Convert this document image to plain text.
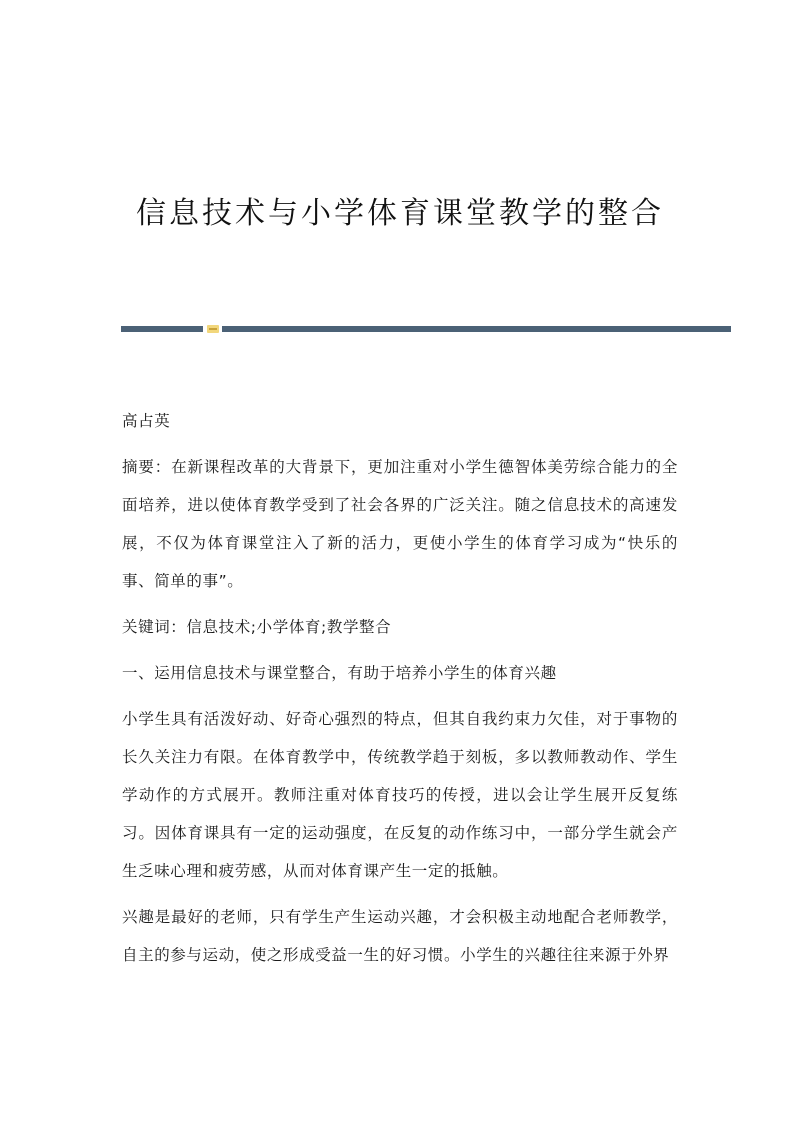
信息技术与小学体育课堂教学的整合

高占英

摘要：在新课程改革的大背景下，更加注重对小学生德智体美劳综合能力的全面培养，进以使体育教学受到了社会各界的广泛关注。随之信息技术的高速发展，不仅为体育课堂注入了新的活力，更使小学生的体育学习成为“快乐的事、简单的事”。

关键词：信息技术;小学体育;教学整合

一、运用信息技术与课堂整合，有助于培养小学生的体育兴趣

小学生具有活泼好动、好奇心强烈的特点，但其自我约束力欠佳，对于事物的长久关注力有限。在体育教学中，传统教学趋于刻板，多以教师教动作、学生学动作的方式展开。教师注重对体育技巧的传授，进以会让学生展开反复练习。因体育课具有一定的运动强度，在反复的动作练习中，一部分学生就会产生乏味心理和疲劳感，从而对体育课产生一定的抵触。

兴趣是最好的老师，只有学生产生运动兴趣，才会积极主动地配合老师教学，自主的参与运动，使之形成受益一生的好习惯。小学生的兴趣往往来源于外界
